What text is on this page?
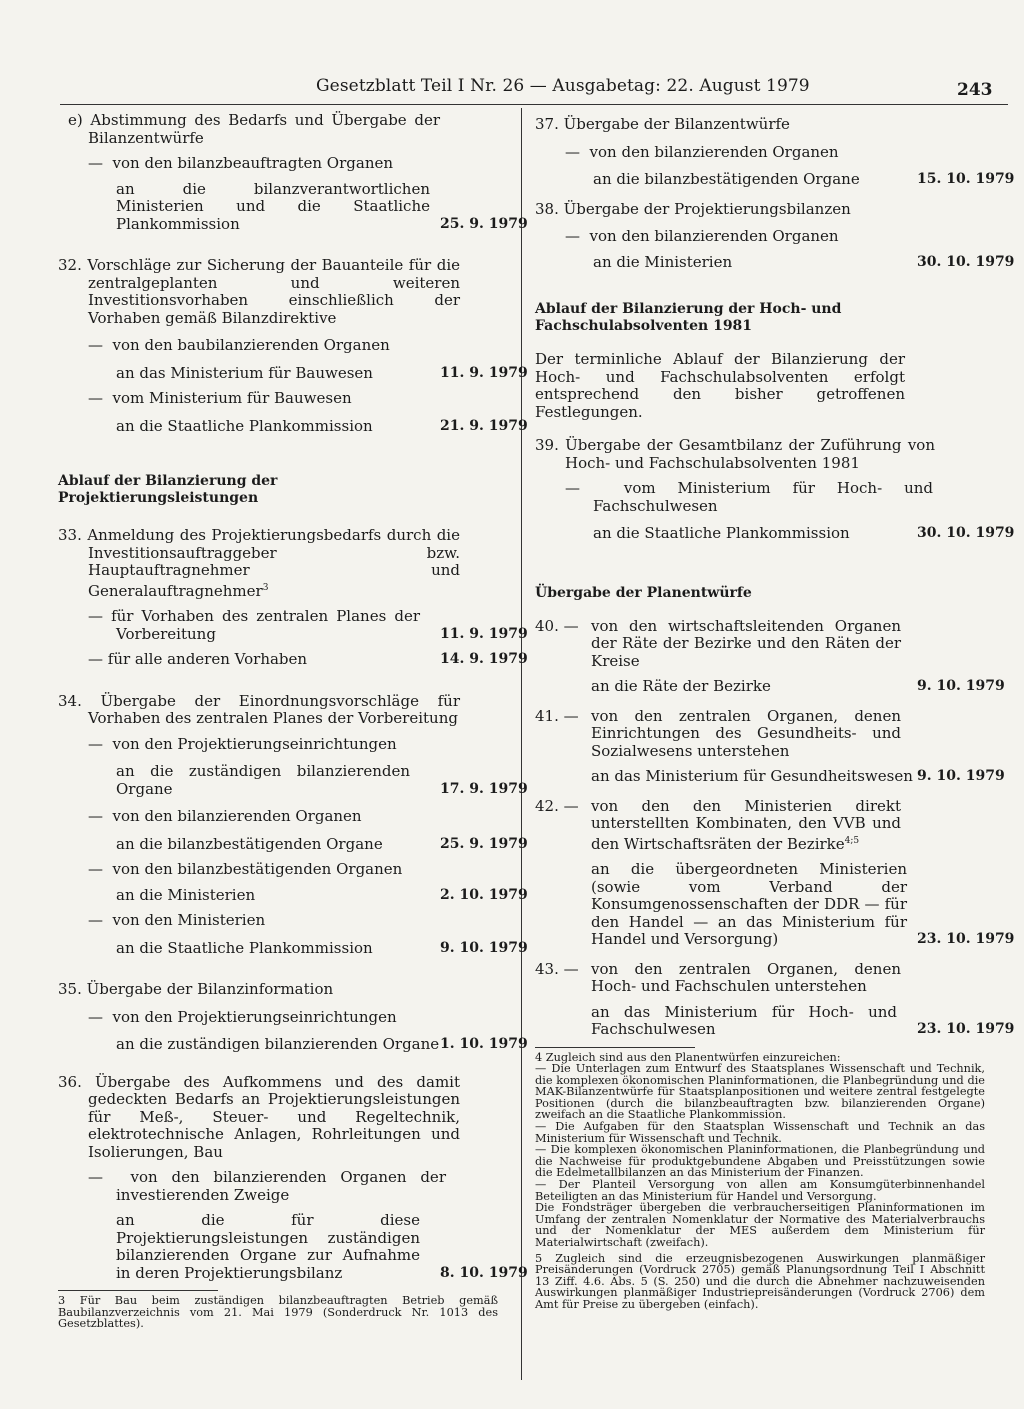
Gesetzblatt Teil I Nr. 26 — Ausgabetag: 22. August 1979	243
e) Abstimmung des Bedarfs und Übergabe der Bilanzentwürfe
—  von den bilanzbeauftragten Organen
an die bilanzverantwortlichen Ministerien und die Staatliche Plankommission	25. 9. 1979
32. Vorschläge zur Sicherung der Bauanteile für die zentralgeplanten und weiteren Investitionsvorhaben einschließlich der Vorhaben gemäß Bilanzdirektive
—  von den baubilanzierenden Organen
an das Ministerium für Bauwesen	11. 9. 1979
—  vom Ministerium für Bauwesen
an die Staatliche Plankommission	21. 9. 1979
Ablauf der Bilanzierung der Projektierungsleistungen
33. Anmeldung des Projektierungsbedarfs durch die Investitionsauftraggeber bzw. Hauptauftragnehmer und Generalauftragnehmer$^3$
— für Vorhaben des zentralen Planes der Vorbereitung	11. 9. 1979
— für alle anderen Vorhaben	14. 9. 1979
34. Übergabe der Einordnungsvorschläge für Vorhaben des zentralen Planes der Vorbereitung
—  von den Projektierungseinrichtungen
an die zuständigen bilanzierenden Organe	17. 9. 1979
—  von den bilanzierenden Organen
an die bilanzbestätigenden Organe	25. 9. 1979
—  von den bilanzbestätigenden Organen
an die Ministerien	2. 10. 1979
—  von den Ministerien
an die Staatliche Plankommission	9. 10. 1979
35. Übergabe der Bilanzinformation
—  von den Projektierungseinrichtungen
an die zuständigen bilanzierenden Organe 1. 10. 1979
36. Übergabe des Aufkommens und des damit gedeckten Bedarfs an Projektierungsleistungen für Meß-, Steuer- und Regeltechnik, elektrotechnische Anlagen, Rohrleitungen und Isolierungen, Bau
—  von den bilanzierenden Organen der investierenden Zweige
an die für diese Projektierungsleistungen zuständigen bilanzierenden Organe zur Aufnahme in deren Projektierungsbilanz	8. 10. 1979
3 Für Bau beim zuständigen bilanzbeauftragten Betrieb gemäß Baubilanzverzeichnis vom 21. Mai 1979 (Sonderdruck Nr. 1013 des Gesetzblattes).
37. Übergabe der Bilanzentwürfe
—  von den bilanzierenden Organen
an die bilanzbestätigenden Organe	15. 10. 1979
38. Übergabe der Projektierungsbilanzen
—  von den bilanzierenden Organen
an die Ministerien	30. 10. 1979
Ablauf der Bilanzierung der Hoch- und Fachschulabsolventen 1981
Der terminliche Ablauf der Bilanzierung der Hoch- und Fachschulabsolventen erfolgt entsprechend den bisher getroffenen Festlegungen.
39. Übergabe der Gesamtbilanz der Zuführung von Hoch- und Fachschulabsolventen 1981
—  vom Ministerium für Hoch- und Fachschulwesen
an die Staatliche Plankommission	30. 10. 1979
Übergabe der Planentwürfe
40. — von den wirtschaftsleitenden Organen der Räte der Bezirke und den Räten der Kreise
an die Räte der Bezirke	9. 10. 1979
41. — von den zentralen Organen, denen Einrichtungen des Gesundheits- und Sozialwesens unterstehen
an das Ministerium für Gesundheitswesen 9. 10. 1979
42. — von den den Ministerien direkt unterstellten Kombinaten, den VVB und den Wirtschaftsräten der Bezirke$^{4;5}$
an die übergeordneten Ministerien (sowie vom Verband der Konsumgenossenschaften der DDR — für den Handel — an das Ministerium für Handel und Versorgung)	23. 10. 1979
43. — von den zentralen Organen, denen Hoch- und Fachschulen unterstehen
an das Ministerium für Hoch- und Fachschulwesen	23. 10. 1979
4 Zugleich sind aus den Planentwürfen einzureichen:
— Die Unterlagen zum Entwurf des Staatsplanes Wissenschaft und Technik, die komplexen ökonomischen Planinformationen, die Planbegründung und die MAK-Bilanzentwürfe für Staatsplanpositionen und weitere zentral festgelegte Positionen (durch die bilanzbeauftragten bzw. bilanzierenden Organe) zweifach an die Staatliche Plankommission.
— Die Aufgaben für den Staatsplan Wissenschaft und Technik an das Ministerium für Wissenschaft und Technik.
— Die komplexen ökonomischen Planinformationen, die Planbegründung und die Nachweise für produktgebundene Abgaben und Preisstützungen sowie die Edelmetallbilanzen an das Ministerium der Finanzen.
— Der Planteil Versorgung von allen am Konsumgüterbinnenhandel Beteiligten an das Ministerium für Handel und Versorgung.
Die Fondsträger übergeben die verbraucherseitigen Planinformationen im Umfang der zentralen Nomenklatur der Normative des Materialverbrauchs und der Nomenklatur der MES außerdem dem Ministerium für Materialwirtschaft (zweifach).
5 Zugleich sind die erzeugnisbezogenen Auswirkungen planmäßiger Preisänderungen (Vordruck 2705) gemäß Planungsordnung Teil I Abschnitt 13 Ziff. 4.6. Abs. 5 (S. 250) und die durch die Abnehmer nachzuweisenden Auswirkungen planmäßiger Industriepreisänderungen (Vordruck 2706) dem Amt für Preise zu übergeben (einfach).
